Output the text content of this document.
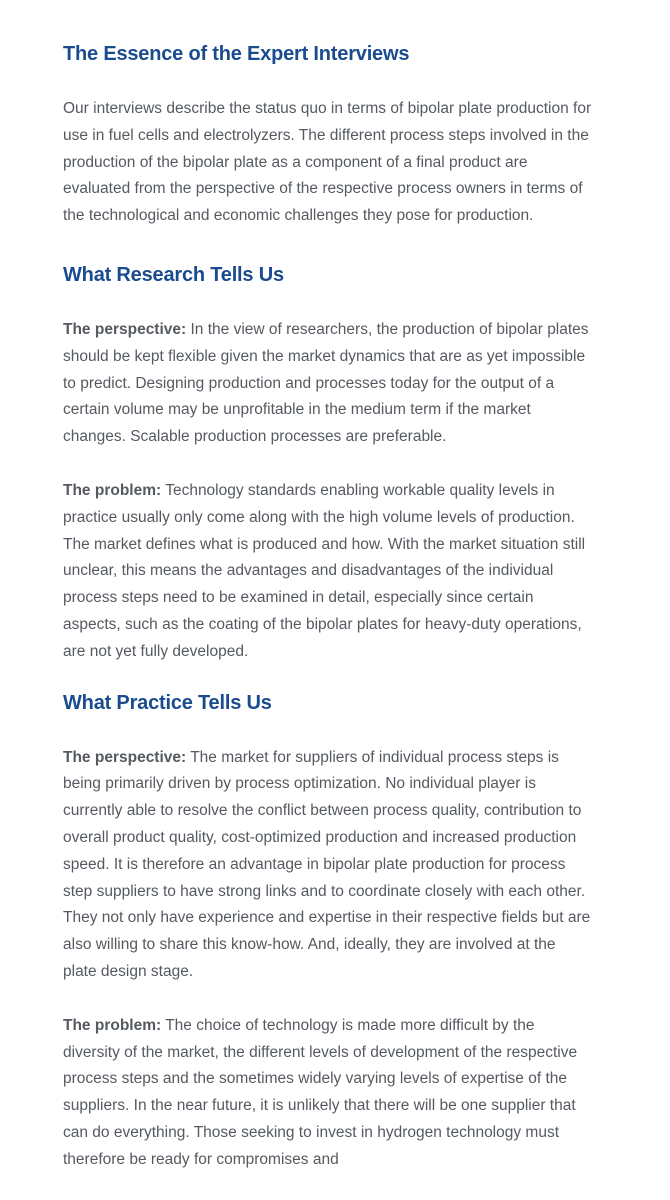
The Essence of the Expert Interviews

Our interviews describe the status quo in terms of bipolar plate production for use in fuel cells and electrolyzers. The different process steps involved in the production of the bipolar plate as a component of a final product are evaluated from the perspective of the respective process owners in terms of the technological and economic challenges they pose for production.

What Research Tells Us

The perspective: In the view of researchers, the production of bipolar plates should be kept flexible given the market dynamics that are as yet impossible to predict. Designing production and processes today for the output of a certain volume may be unprofitable in the medium term if the market changes. Scalable production processes are preferable.

The problem: Technology standards enabling workable quality levels in practice usually only come along with the high volume levels of production. The market defines what is produced and how. With the market situation still unclear, this means the advantages and disadvantages of the individual process steps need to be examined in detail, especially since certain aspects, such as the coating of the bipolar plates for heavy-duty operations, are not yet fully developed.

What Practice Tells Us

The perspective: The market for suppliers of individual process steps is being primarily driven by process optimization. No individual player is currently able to resolve the conflict between process quality, contribution to overall product quality, cost-optimized production and increased production speed. It is therefore an advantage in bipolar plate production for process step suppliers to have strong links and to coordinate closely with each other. They not only have experience and expertise in their respective fields but are also willing to share this know-how. And, ideally, they are involved at the plate design stage.

The problem: The choice of technology is made more difficult by the diversity of the market, the different levels of development of the respective process steps and the sometimes widely varying levels of expertise of the suppliers. In the near future, it is unlikely that there will be one supplier that can do everything. Those seeking to invest in hydrogen technology must therefore be ready for compromises and
